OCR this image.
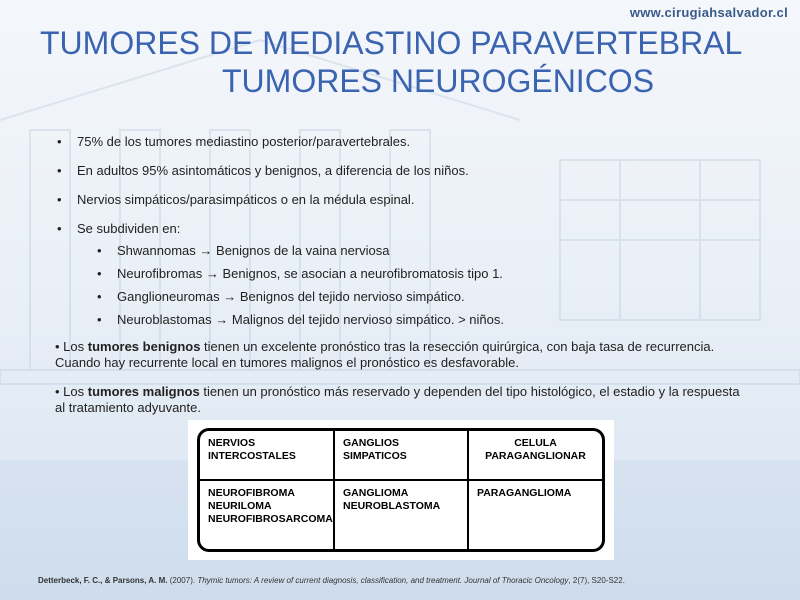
www.cirugiahsalvador.cl
TUMORES DE MEDIASTINO PARAVERTEBRAL
TUMORES NEUROGÉNICOS
• 75% de los tumores mediastino posterior/paravertebrales.
• En adultos 95% asintomáticos y benignos, a diferencia de los niños.
• Nervios simpáticos/parasimpáticos o en la médula espinal.
• Se subdividen en:
• Shwannomas → Benignos de la vaina nerviosa
• Neurofibromas → Benignos, se asocian a neurofibromatosis tipo 1.
• Ganglioneuromas → Benignos del tejido nervioso simpático.
• Neuroblastomas → Malignos del tejido nervioso simpático. > niños.
• Los tumores benignos tienen un excelente pronóstico tras la resección quirúrgica, con baja tasa de recurrencia. Cuando hay recurrente local en tumores malignos el pronóstico es desfavorable.
• Los tumores malignos tienen un pronóstico más reservado y dependen del tipo histológico, el estadio y la respuesta al tratamiento adyuvante.
NERVIOS INTERCOSTALES	GANGLIOS SIMPATICOS	CELULA PARAGANGLIONAR
NEUROFIBROMA NEURILOMA NEUROFIBROSARCOMA	GANGLIOMA NEUROBLASTOMA	PARAGANGLIOMA
Detterbeck, F. C., & Parsons, A. M. (2007). Thymic tumors: A review of current diagnosis, classification, and treatment. Journal of Thoracic Oncology, 2(7), S20-S22.
